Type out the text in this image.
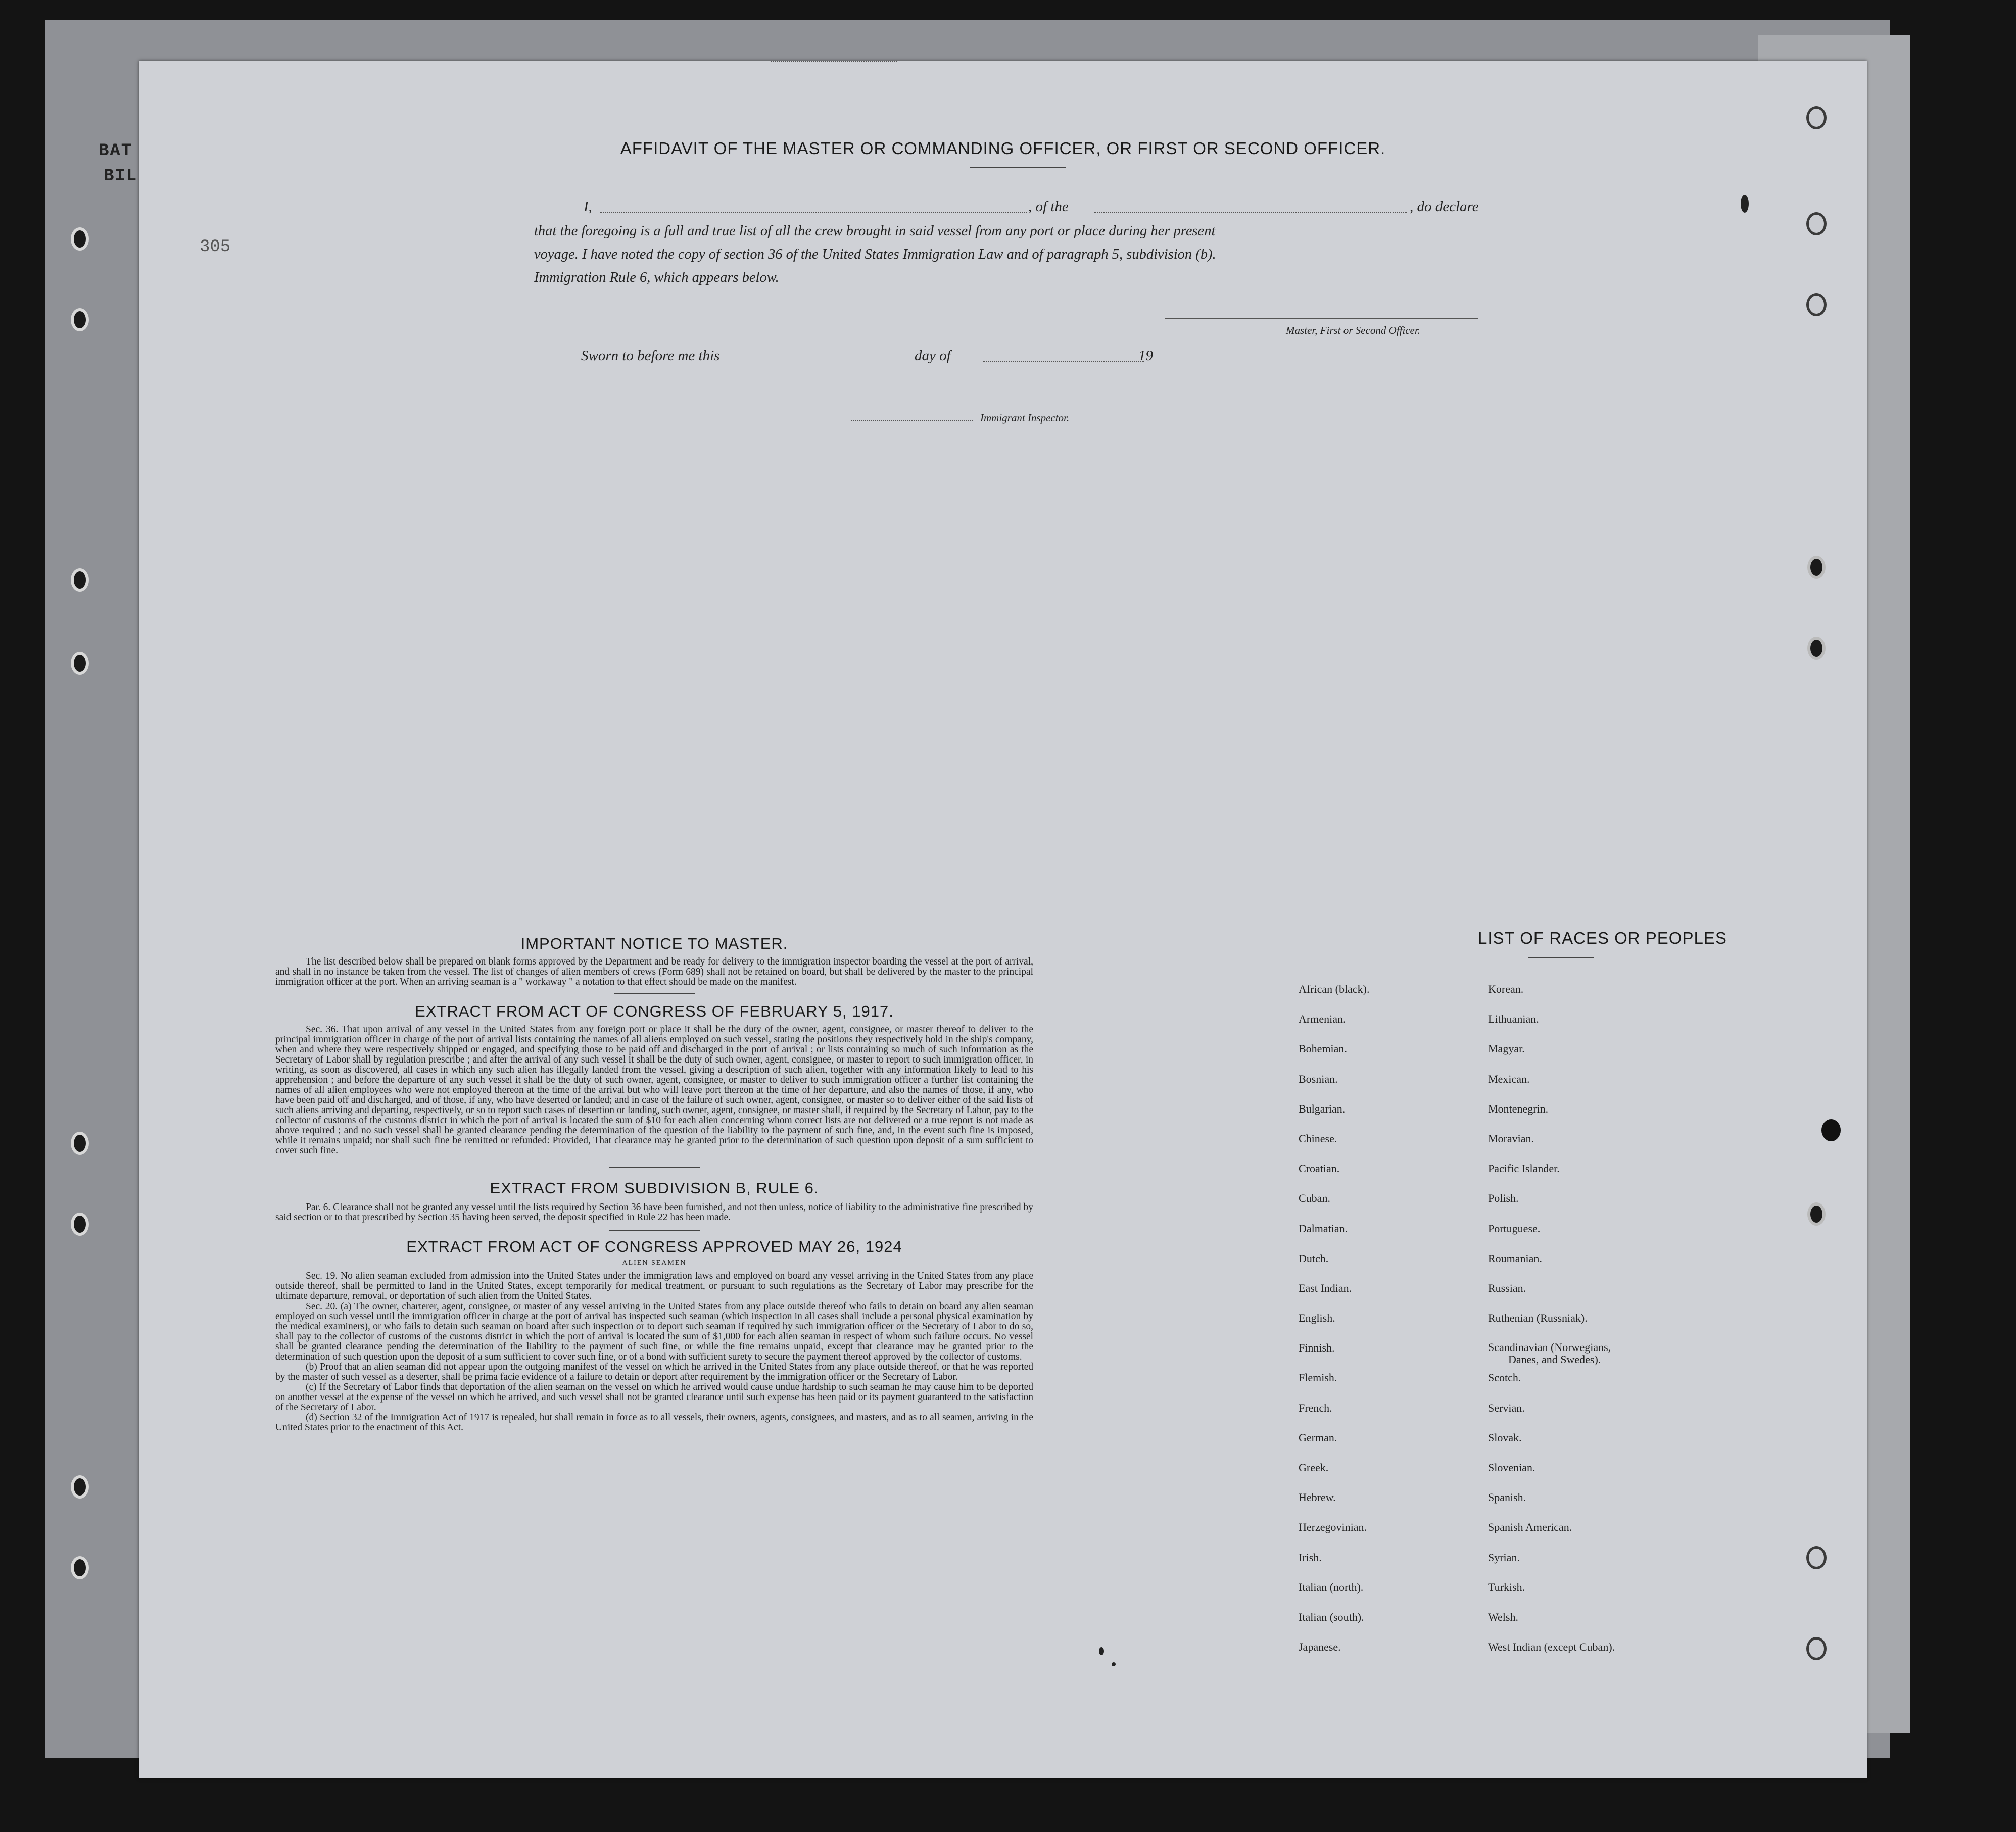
BAT
BIL
305
AFFIDAVIT OF THE MASTER OR COMMANDING OFFICER, OR FIRST OR SECOND OFFICER.
I,	, of the	, do declare
that the foregoing is a full and true list of all the crew brought in said vessel from any port or place during her present
voyage. I have noted the copy of section 36 of the United States Immigration Law and of paragraph 5, subdivision (b).
Immigration Rule 6, which appears below.
Master, First or Second Officer.
Sworn to before me this	day of	19
Immigrant Inspector.
IMPORTANT NOTICE TO MASTER.
The list described below shall be prepared on blank forms approved by the Department and be ready for delivery to the immigration inspector boarding the vessel at the port of arrival, and shall in no instance be taken from the vessel. The list of changes of alien members of crews (Form 689) shall not be retained on board, but shall be delivered by the master to the principal immigration officer at the port. When an arriving seaman is a " workaway " a notation to that effect should be made on the manifest.
EXTRACT FROM ACT OF CONGRESS OF FEBRUARY 5, 1917.
Sec. 36. That upon arrival of any vessel in the United States from any foreign port or place it shall be the duty of the owner, agent, consignee, or master thereof to deliver to the principal immigration officer in charge of the port of arrival lists containing the names of all aliens employed on such vessel, stating the positions they respectively hold in the ship's company, when and where they were respectively shipped or engaged, and specifying those to be paid off and discharged in the port of arrival ; or lists containing so much of such information as the Secretary of Labor shall by regulation prescribe ; and after the arrival of any such vessel it shall be the duty of such owner, agent, consignee, or master to report to such immigration officer, in writing, as soon as discovered, all cases in which any such alien has illegally landed from the vessel, giving a description of such alien, together with any information likely to lead to his apprehension ; and before the departure of any such vessel it shall be the duty of such owner, agent, consignee, or master to deliver to such immigration officer a further list containing the names of all alien employees who were not employed thereon at the time of the arrival but who will leave port thereon at the time of her departure, and also the names of those, if any, who have been paid off and discharged, and of those, if any, who have deserted or landed; and in case of the failure of such owner, agent, consignee, or master so to deliver either of the said lists of such aliens arriving and departing, respectively, or so to report such cases of desertion or landing, such owner, agent, consignee, or master shall, if required by the Secretary of Labor, pay to the collector of customs of the customs district in which the port of arrival is located the sum of $10 for each alien concerning whom correct lists are not delivered or a true report is not made as above required ; and no such vessel shall be granted clearance pending the determination of the question of the liability to the payment of such fine, and, in the event such fine is imposed, while it remains unpaid; nor shall such fine be remitted or refunded: Provided, That clearance may be granted prior to the determination of such question upon deposit of a sum sufficient to cover such fine.
EXTRACT FROM SUBDIVISION B, RULE 6.
Par. 6. Clearance shall not be granted any vessel until the lists required by Section 36 have been furnished, and not then unless, notice of liability to the administrative fine prescribed by said section or to that prescribed by Section 35 having been served, the deposit specified in Rule 22 has been made.
EXTRACT FROM ACT OF CONGRESS APPROVED MAY 26, 1924
ALIEN SEAMEN
Sec. 19. No alien seaman excluded from admission into the United States under the immigration laws and employed on board any vessel arriving in the United States from any place outside thereof, shall be permitted to land in the United States, except temporarily for medical treatment, or pursuant to such regulations as the Secretary of Labor may prescribe for the ultimate departure, removal, or deportation of such alien from the United States.
Sec. 20. (a) The owner, charterer, agent, consignee, or master of any vessel arriving in the United States from any place outside thereof who fails to detain on board any alien seaman employed on such vessel until the immigration officer in charge at the port of arrival has inspected such seaman (which inspection in all cases shall include a personal physical examination by the medical examiners), or who fails to detain such seaman on board after such inspection or to deport such seaman if required by such immigration officer or the Secretary of Labor to do so, shall pay to the collector of customs of the customs district in which the port of arrival is located the sum of $1,000 for each alien seaman in respect of whom such failure occurs. No vessel shall be granted clearance pending the determination of the liability to the payment of such fine, or while the fine remains unpaid, except that clearance may be granted prior to the determination of such question upon the deposit of a sum sufficient to cover such fine, or of a bond with sufficient surety to secure the payment thereof approved by the collector of customs.
(b) Proof that an alien seaman did not appear upon the outgoing manifest of the vessel on which he arrived in the United States from any place outside thereof, or that he was reported by the master of such vessel as a deserter, shall be prima facie evidence of a failure to detain or deport after requirement by the immigration officer or the Secretary of Labor.
(c) If the Secretary of Labor finds that deportation of the alien seaman on the vessel on which he arrived would cause undue hardship to such seaman he may cause him to be deported on another vessel at the expense of the vessel on which he arrived, and such vessel shall not be granted clearance until such expense has been paid or its payment guaranteed to the satisfaction of the Secretary of Labor.
(d) Section 32 of the Immigration Act of 1917 is repealed, but shall remain in force as to all vessels, their owners, agents, consignees, and masters, and as to all seamen, arriving in the United States prior to the enactment of this Act.
LIST OF RACES OR PEOPLES
African (black).
Armenian.
Bohemian.
Bosnian.
Bulgarian.
Chinese.
Croatian.
Cuban.
Dalmatian.
Dutch.
East Indian.
English.
Finnish.
Flemish.
French.
German.
Greek.
Hebrew.
Herzegovinian.
Irish.
Italian (north).
Italian (south).
Japanese.
Korean.
Lithuanian.
Magyar.
Mexican.
Montenegrin.
Moravian.
Pacific Islander.
Polish.
Portuguese.
Roumanian.
Russian.
Ruthenian (Russniak).
Scandinavian (Norwegians,
Danes, and Swedes).
Scotch.
Servian.
Slovak.
Slovenian.
Spanish.
Spanish American.
Syrian.
Turkish.
Welsh.
West Indian (except Cuban).
